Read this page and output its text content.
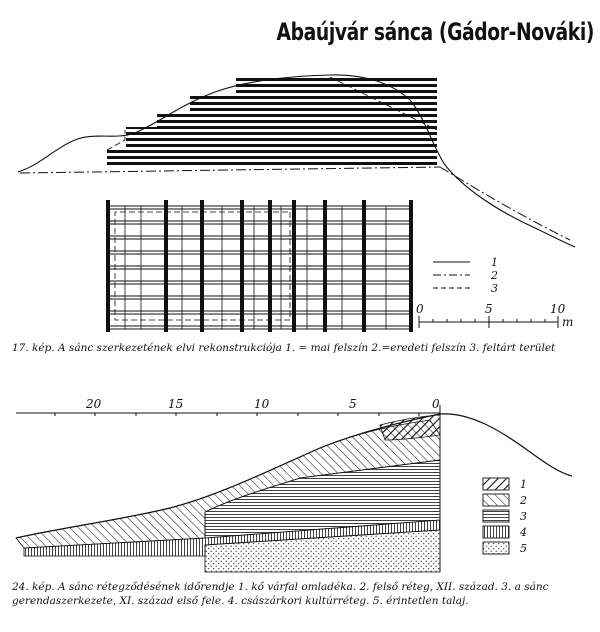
Abaújvár sánca (Gádor-Nováki)
1
2
3
0	5	10
m
20	15	10	5	0
1
2
3
4
5
17. kép. A sánc szerkezetének elvi rekonstrukciója 1. = mai felszín 2.=eredeti felszín 3. feltárt terület
24. kép. A sánc rétegződésének időrendje 1. kő várfal omladéka. 2. felső réteg, XII. század. 3. a sánc gerendaszerkezete, XI. század első fele. 4. császárkori kultúrréteg. 5. érintetlen talaj.
